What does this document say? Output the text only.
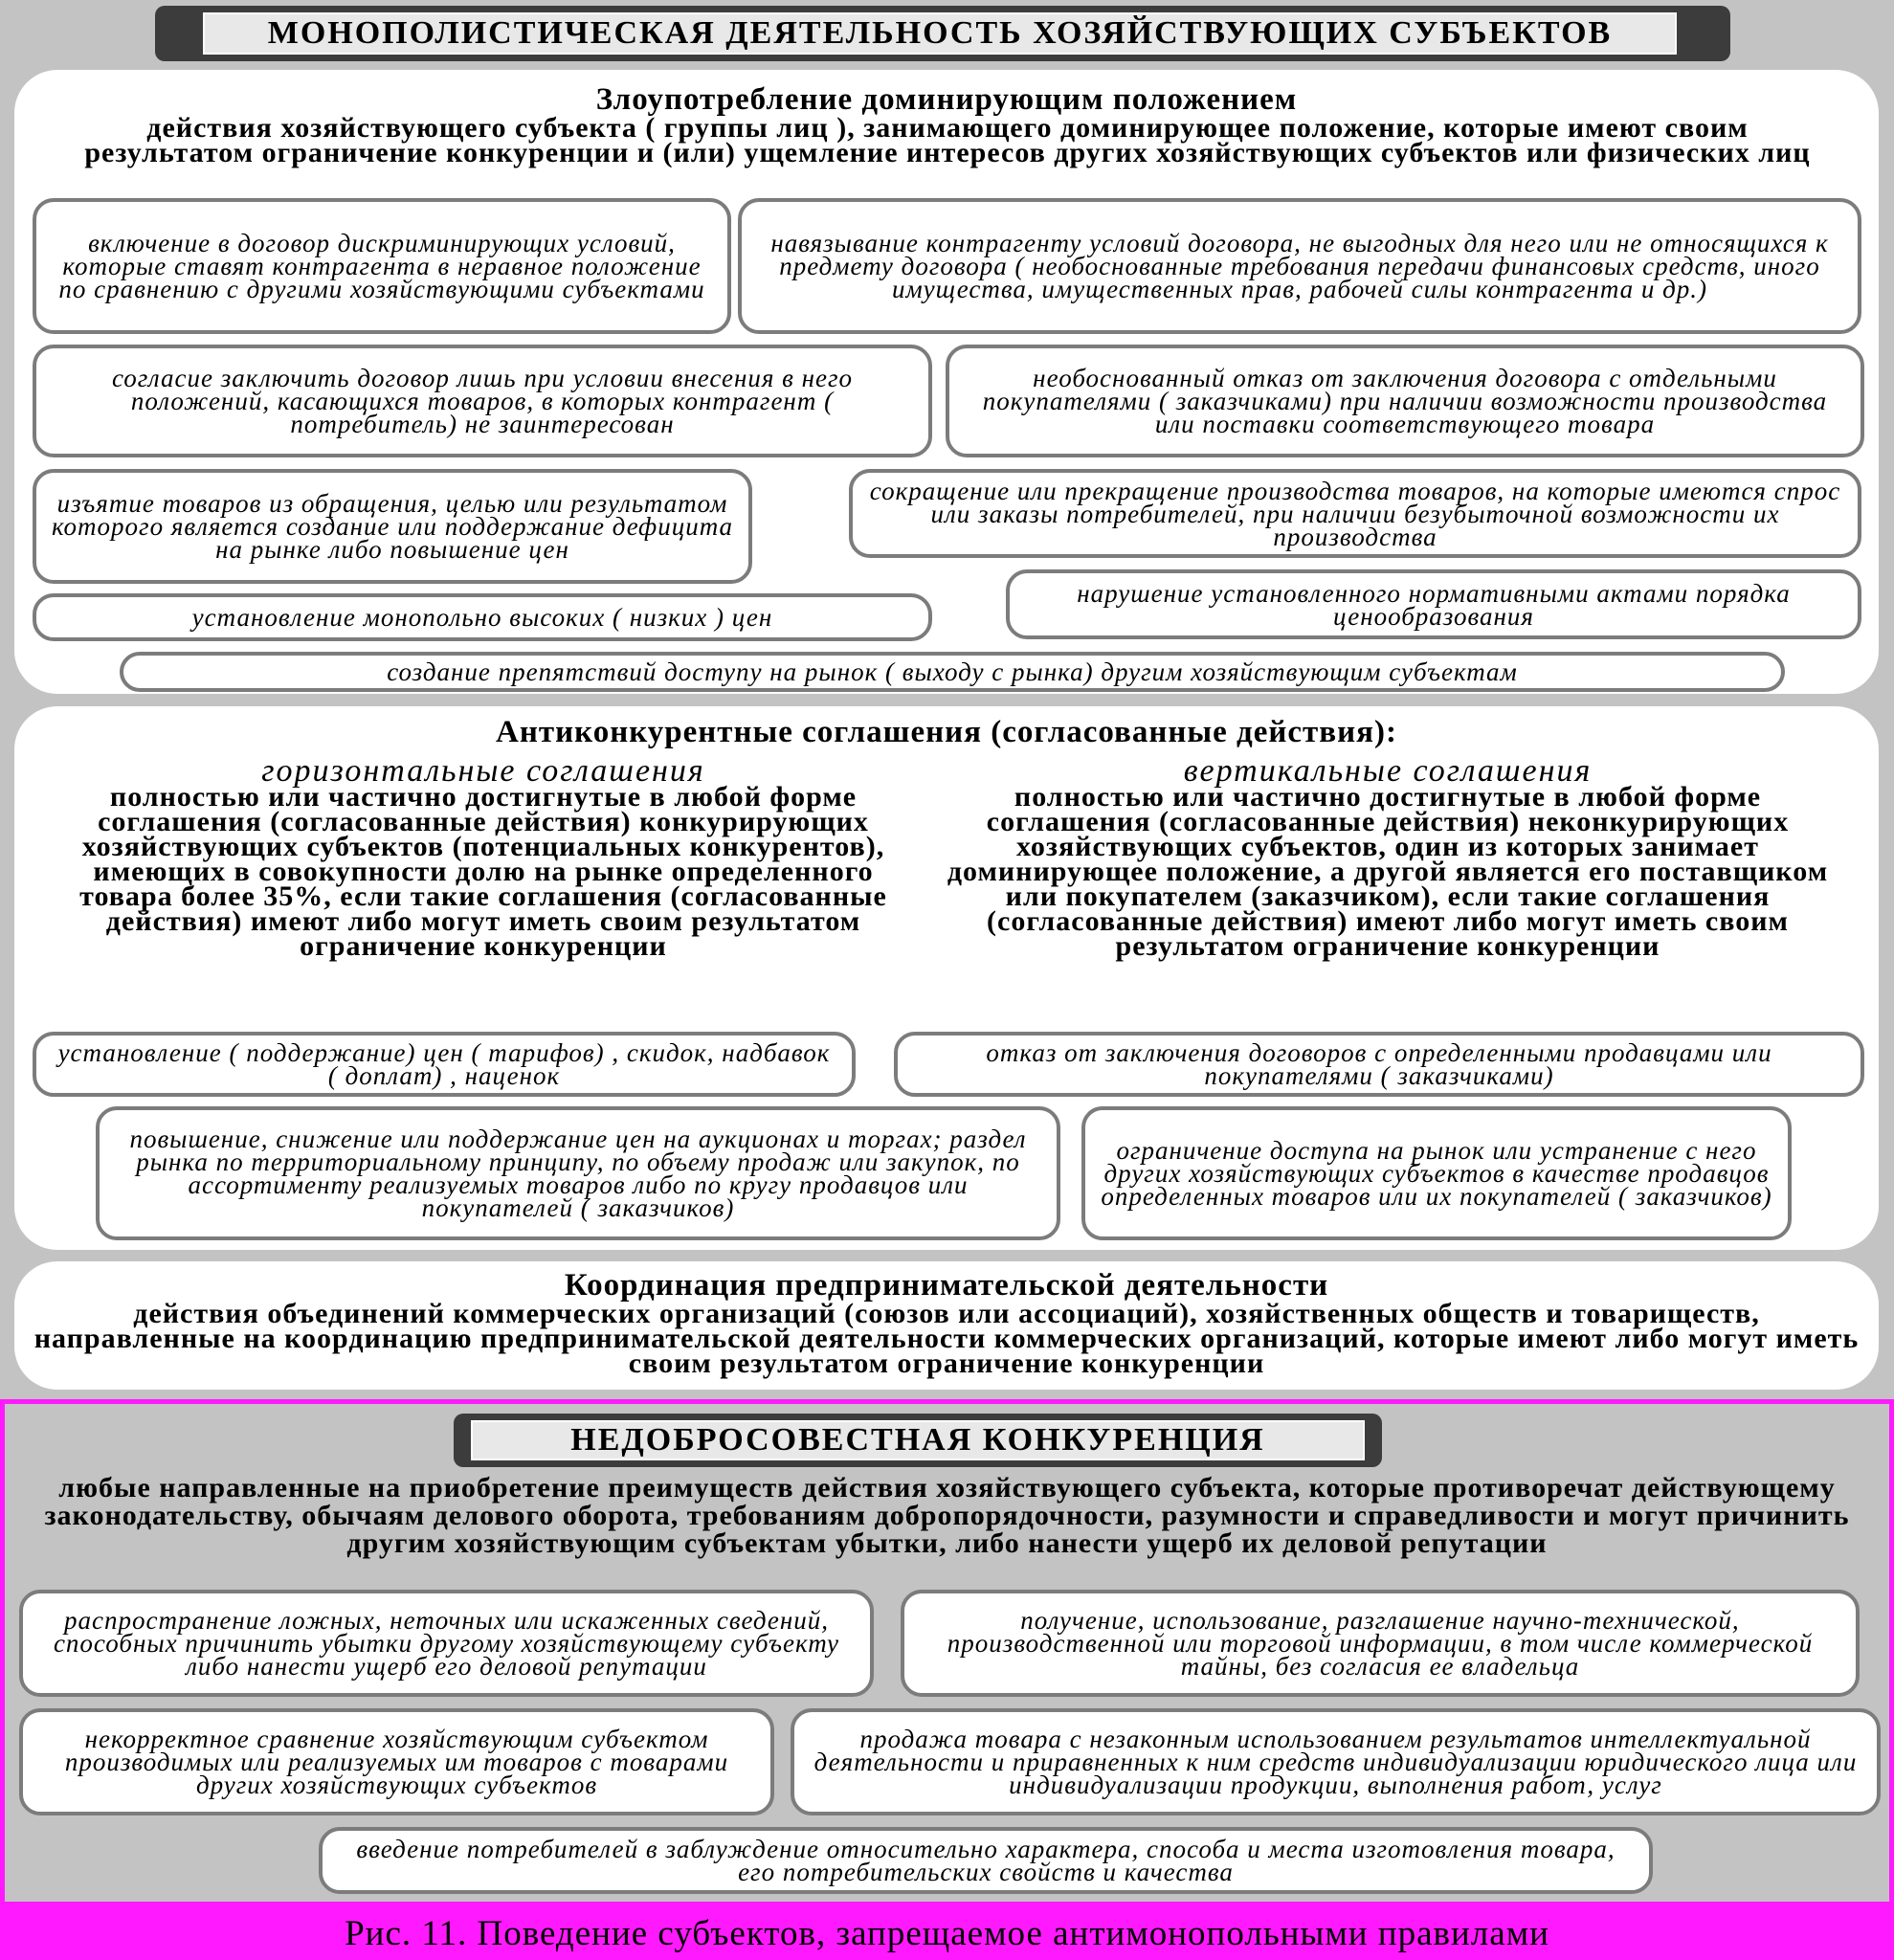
МОНОПОЛИСТИЧЕСКАЯ ДЕЯТЕЛЬНОСТЬ ХОЗЯЙСТВУЮЩИХ СУБЪЕКТОВ
Злоупотребление доминирующим положением
действия хозяйствующего субъекта ( группы лиц ), занимающего доминирующее положение, которые имеют своим результатом ограничение конкуренции и (или) ущемление интересов других хозяйствующих субъектов или физических лиц
включение в договор дискриминирующих условий, которые ставят контрагента в неравное положение по сравнению с другими хозяйствующими субъектами
навязывание контрагенту условий договора, не выгодных для него или не относящихся к предмету договора ( необоснованные требования передачи финансовых средств, иного имущества, имущественных прав, рабочей силы контрагента и др.)
согласие заключить договор лишь при условии внесения в него положений, касающихся товаров, в которых контрагент ( потребитель) не заинтересован
необоснованный отказ от заключения договора с отдельными покупателями ( заказчиками) при наличии возможности производства или поставки соответствующего товара
изъятие товаров из обращения, целью или результатом которого является создание или поддержание дефицита на рынке либо повышение цен
сокращение или прекращение производства товаров, на которые имеются спрос или заказы потребителей, при наличии безубыточной возможности их производства
нарушение установленного нормативными актами порядка ценообразования
установление монопольно высоких ( низких ) цен
создание препятствий доступу на рынок ( выходу с рынка) другим хозяйствующим субъектам
Антиконкурентные соглашения (согласованные действия):
горизонтальные соглашения
полностью или частично достигнутые в любой форме соглашения (согласованные действия) конкурирующих хозяйствующих субъектов (потенциальных конкурентов), имеющих в совокупности долю на рынке определенного товара более 35%, если такие соглашения (согласованные действия) имеют либо могут иметь своим результатом ограничение конкуренции
вертикальные соглашения
полностью или частично достигнутые в любой форме соглашения (согласованные действия) неконкурирующих хозяйствующих субъектов, один из которых занимает доминирующее положение, а другой является его поставщиком или покупателем (заказчиком), если такие соглашения (согласованные действия) имеют либо могут иметь своим результатом ограничение конкуренции
установление ( поддержание) цен ( тарифов) , скидок, надбавок ( доплат) , наценок
отказ от заключения договоров с определенными продавцами или покупателями ( заказчиками)
повышение, снижение или поддержание цен на аукционах и торгах; раздел рынка по территориальному принципу, по объему продаж или закупок, по ассортименту реализуемых товаров либо по кругу продавцов или покупателей ( заказчиков)
ограничение доступа на рынок или устранение с него других хозяйствующих субъектов в качестве продавцов определенных товаров или их покупателей ( заказчиков)
Координация предпринимательской деятельности
действия объединений коммерческих организаций (союзов или ассоциаций), хозяйственных обществ и товариществ, направленные на координацию предпринимательской деятельности коммерческих организаций, которые имеют либо могут иметь своим результатом ограничение конкуренции
НЕДОБРОСОВЕСТНАЯ КОНКУРЕНЦИЯ
любые направленные на приобретение преимуществ действия хозяйствующего субъекта, которые противоречат действующему законодательству, обычаям делового оборота, требованиям добропорядочности, разумности и справедливости и могут причинить другим хозяйствующим субъектам убытки, либо нанести ущерб их деловой репутации
распространение ложных, неточных или искаженных сведений, способных причинить убытки другому хозяйствующему субъекту либо нанести ущерб его деловой репутации
получение, использование, разглашение научно-технической, производственной или торговой информации, в том числе коммерческой тайны, без согласия ее владельца
некорректное сравнение хозяйствующим субъектом производимых или реализуемых им товаров с товарами других хозяйствующих субъектов
продажа товара с незаконным использованием результатов интеллектуальной деятельности и приравненных к ним средств индивидуализации юридического лица или индивидуализации продукции, выполнения работ, услуг
введение потребителей в заблуждение относительно характера, способа и места изготовления товара, его потребительских свойств и качества
Рис. 11. Поведение субъектов, запрещаемое антимонопольными правилами
